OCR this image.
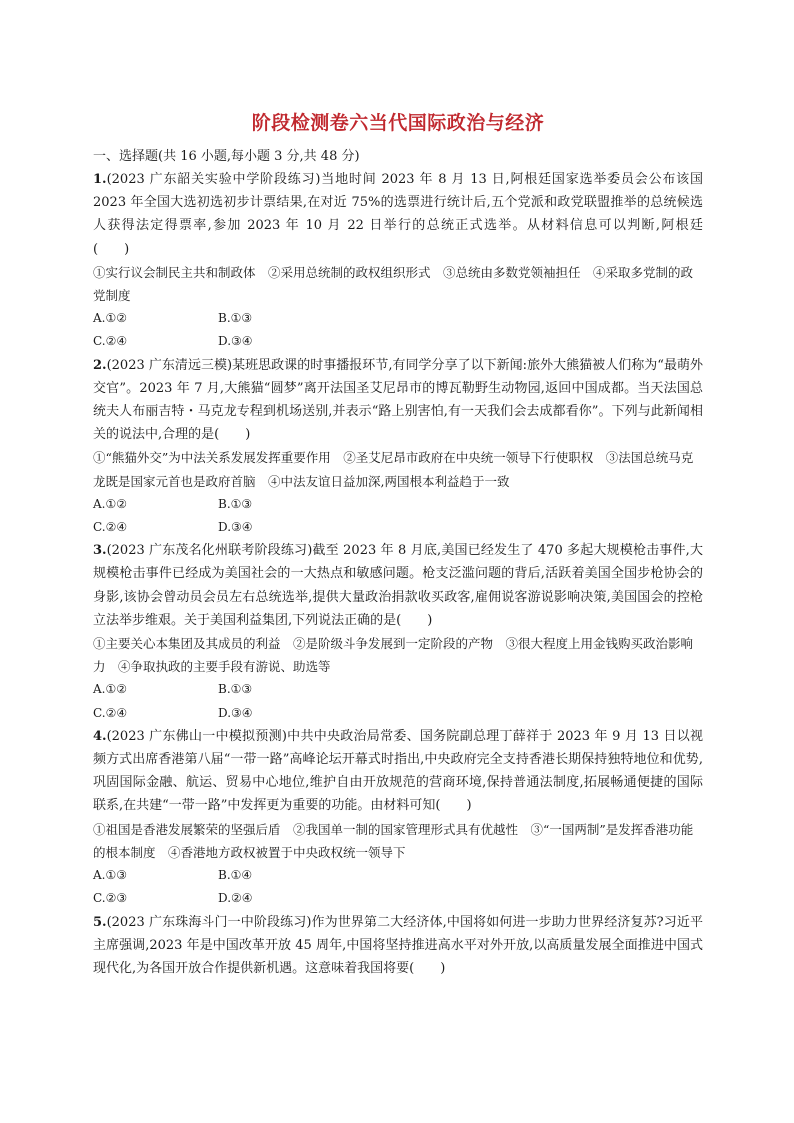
阶段检测卷六当代国际政治与经济

一、选择题(共 16 小题,每小题 3 分,共 48 分)

1.(2023 广东韶关实验中学阶段练习)当地时间 2023 年 8 月 13 日,阿根廷国家选举委员会公布该国 2023 年全国大选初选初步计票结果,在对近 75%的选票进行统计后,五个党派和政党联盟推举的总统候选人获得法定得票率,参加 2023 年 10 月 22 日举行的总统正式选举。从材料信息可以判断,阿根廷　　　　(　　)

①实行议会制民主共和制政体　②采用总统制的政权组织形式　③总统由多数党领袖担任　④采取多党制的政党制度

A.①②	B.①③
C.②④	D.③④

2.(2023 广东清远三模)某班思政课的时事播报环节,有同学分享了以下新闻:旅外大熊猫被人们称为“最萌外交官”。2023 年 7 月,大熊猫“圆梦”离开法国圣艾尼昂市的博瓦勒野生动物园,返回中国成都。当天法国总统夫人布丽吉特・马克龙专程到机场送别,并表示“路上别害怕,有一天我们会去成都看你”。下列与此新闻相关的说法中,合理的是(　　)

①“熊猫外交”为中法关系发展发挥重要作用　②圣艾尼昂市政府在中央统一领导下行使职权　③法国总统马克龙既是国家元首也是政府首脑　④中法友谊日益加深,两国根本利益趋于一致

A.①②	B.①③
C.②④	D.③④

3.(2023 广东茂名化州联考阶段练习)截至 2023 年 8 月底,美国已经发生了 470 多起大规模枪击事件,大规模枪击事件已经成为美国社会的一大热点和敏感问题。枪支泛滥问题的背后,活跃着美国全国步枪协会的身影,该协会曾动员会员左右总统选举,提供大量政治捐款收买政客,雇佣说客游说影响决策,美国国会的控枪立法举步维艰。关于美国利益集团,下列说法正确的是(　　)

①主要关心本集团及其成员的利益　②是阶级斗争发展到一定阶段的产物　③很大程度上用金钱购买政治影响力　④争取执政的主要手段有游说、助选等

A.①②	B.①③
C.②④	D.③④

4.(2023 广东佛山一中模拟预测)中共中央政治局常委、国务院副总理丁薛祥于 2023 年 9 月 13 日以视频方式出席香港第八届“一带一路”高峰论坛开幕式时指出,中央政府完全支持香港长期保持独特地位和优势,巩固国际金融、航运、贸易中心地位,维护自由开放规范的营商环境,保持普通法制度,拓展畅通便捷的国际联系,在共建“一带一路”中发挥更为重要的功能。由材料可知(　　)

①祖国是香港发展繁荣的坚强后盾　②我国单一制的国家管理形式具有优越性　③“一国两制”是发挥香港功能的根本制度　④香港地方政权被置于中央政权统一领导下

A.①③	B.①④
C.②③	D.②④

5.(2023 广东珠海斗门一中阶段练习)作为世界第二大经济体,中国将如何进一步助力世界经济复苏?习近平主席强调,2023 年是中国改革开放 45 周年,中国将坚持推进高水平对外开放,以高质量发展全面推进中国式现代化,为各国开放合作提供新机遇。这意味着我国将要(　　)
